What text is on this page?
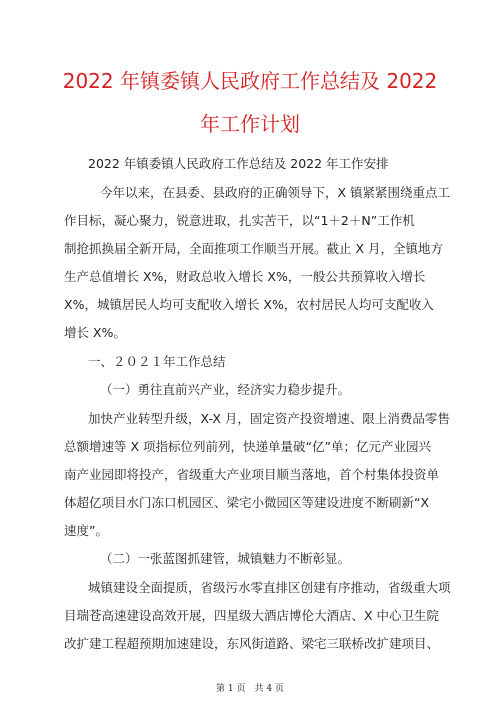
2022 年镇委镇人民政府工作总结及 2022
年工作计划
2022 年镇委镇人民政府工作总结及 2022 年工作安排
今年以来，在县委、县政府的正确领导下，X 镇紧紧围绕重点工
作目标，凝心聚力，锐意进取，扎实苦干，以“1＋2＋N”工作机
制抢抓换届全新开局，全面推项工作顺当开展。截止 X 月，全镇地方
生产总值增长 X%，财政总收入增长 X%，一般公共预算收入增长
X%，城镇居民人均可支配收入增长 X%，农村居民人均可支配收入
增长 X%。
一、２０２１年工作总结
（一）勇往直前兴产业，经济实力稳步提升。
加快产业转型升级，X-X 月，固定资产投资增速、限上消费品零售
总额增速等 X 项指标位列前列，快递单量破“亿”单；亿元产业园兴
南产业园即将投产，省级重大产业项目顺当落地，首个村集体投资单
体超亿项目水门冻口机园区、梁宅小微园区等建设进度不断刷新“X
速度”。
（二）一张蓝图抓建管，城镇魅力不断彰显。
城镇建设全面提质，省级污水零直排区创建有序推动，省级重大项
目瑞苍高速建设高效开展，四星级大酒店博伦大酒店、X 中心卫生院
改扩建工程超预期加速建设，东风街道路、梁宅三联桥改扩建项目、
第 1 页　共 4 页
